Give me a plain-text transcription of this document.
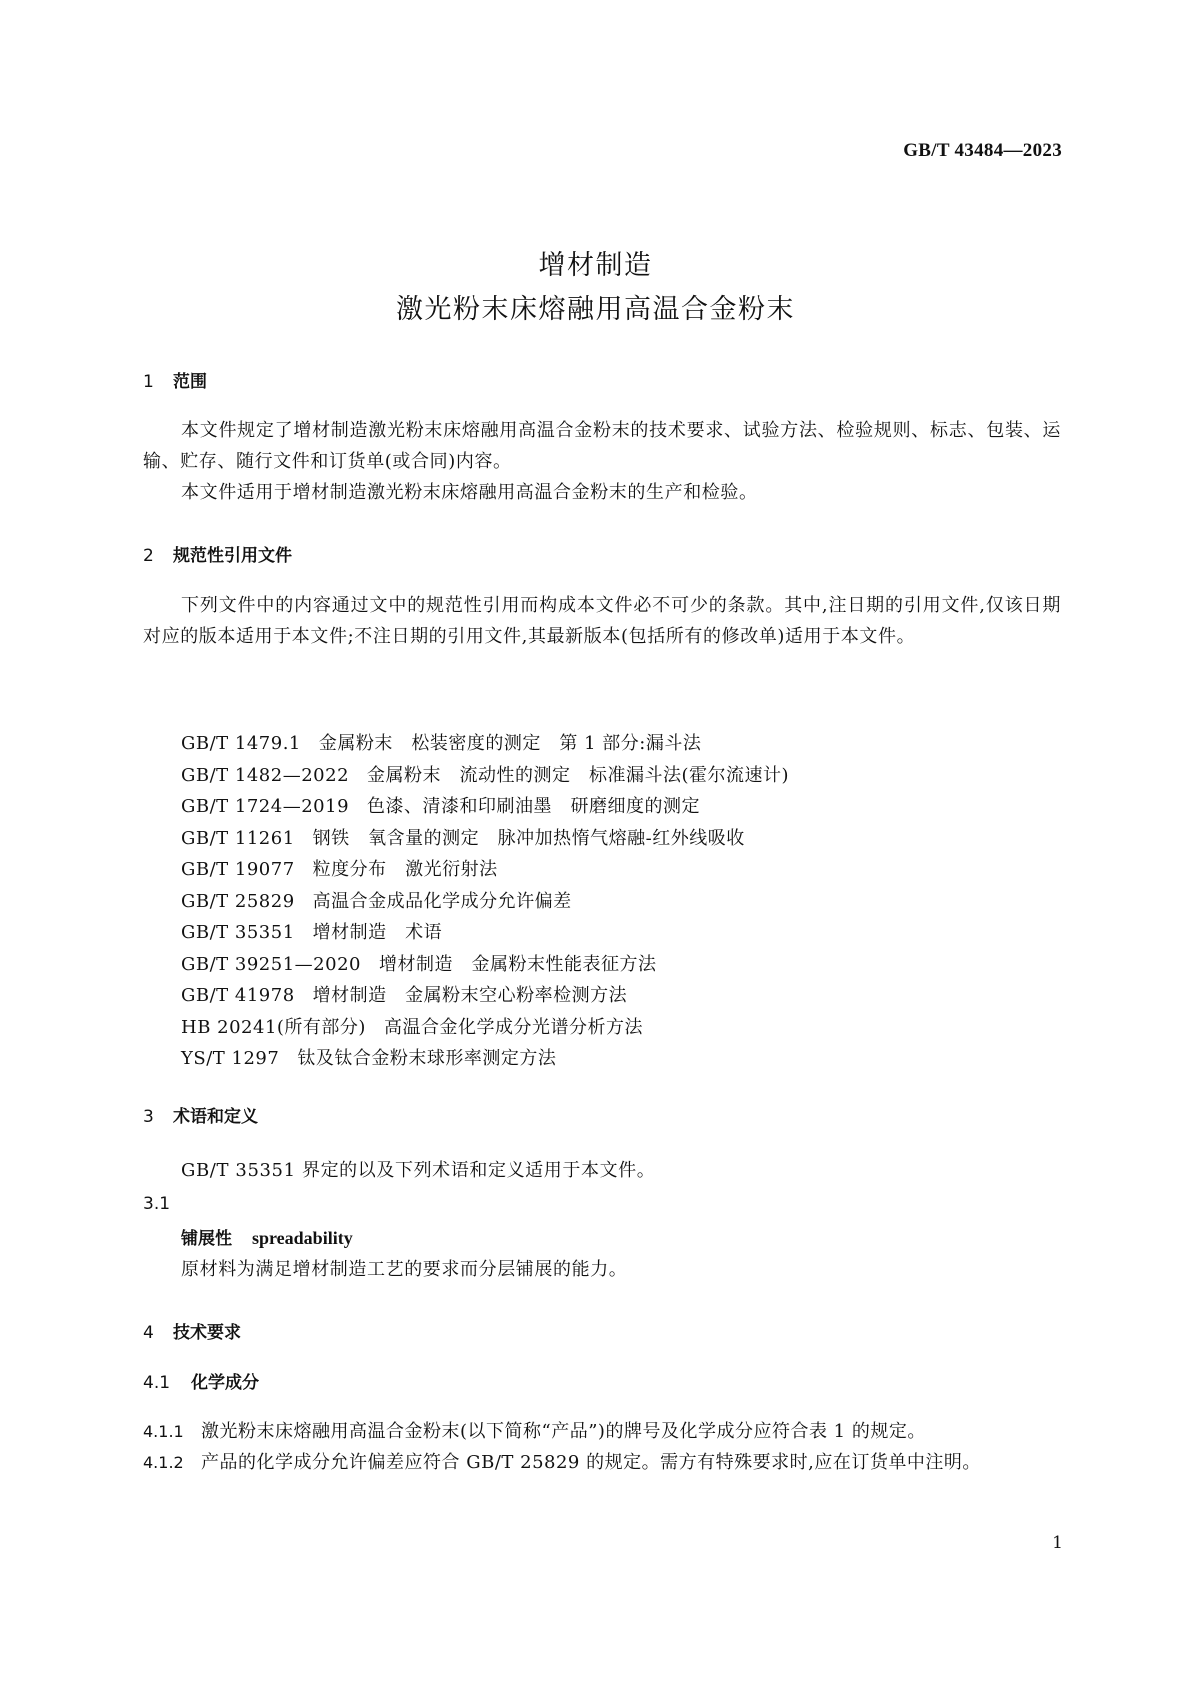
GB/T 43484—2023
增材制造
激光粉末床熔融用高温合金粉末
1 范围
本文件规定了增材制造激光粉末床熔融用高温合金粉末的技术要求、试验方法、检验规则、标志、包装、运输、贮存、随行文件和订货单(或合同)内容。
本文件适用于增材制造激光粉末床熔融用高温合金粉末的生产和检验。
2 规范性引用文件
下列文件中的内容通过文中的规范性引用而构成本文件必不可少的条款。其中,注日期的引用文件,仅该日期对应的版本适用于本文件;不注日期的引用文件,其最新版本(包括所有的修改单)适用于本文件。
GB/T 1479.1 金属粉末　松装密度的测定　第 1 部分:漏斗法
GB/T 1482—2022 金属粉末　流动性的测定　标准漏斗法(霍尔流速计)
GB/T 1724—2019 色漆、清漆和印刷油墨　研磨细度的测定
GB/T 11261 钢铁　氧含量的测定　脉冲加热惰气熔融-红外线吸收
GB/T 19077 粒度分布　激光衍射法
GB/T 25829 高温合金成品化学成分允许偏差
GB/T 35351 增材制造　术语
GB/T 39251—2020 增材制造　金属粉末性能表征方法
GB/T 41978 增材制造　金属粉末空心粉率检测方法
HB 20241(所有部分) 高温合金化学成分光谱分析方法
YS/T 1297 钛及钛合金粉末球形率测定方法
3 术语和定义
GB/T 35351 界定的以及下列术语和定义适用于本文件。
3.1
铺展性 spreadability
原材料为满足增材制造工艺的要求而分层铺展的能力。
4 技术要求
4.1 化学成分
4.1.1 激光粉末床熔融用高温合金粉末(以下简称“产品”)的牌号及化学成分应符合表 1 的规定。
4.1.2 产品的化学成分允许偏差应符合 GB/T 25829 的规定。需方有特殊要求时,应在订货单中注明。
1
